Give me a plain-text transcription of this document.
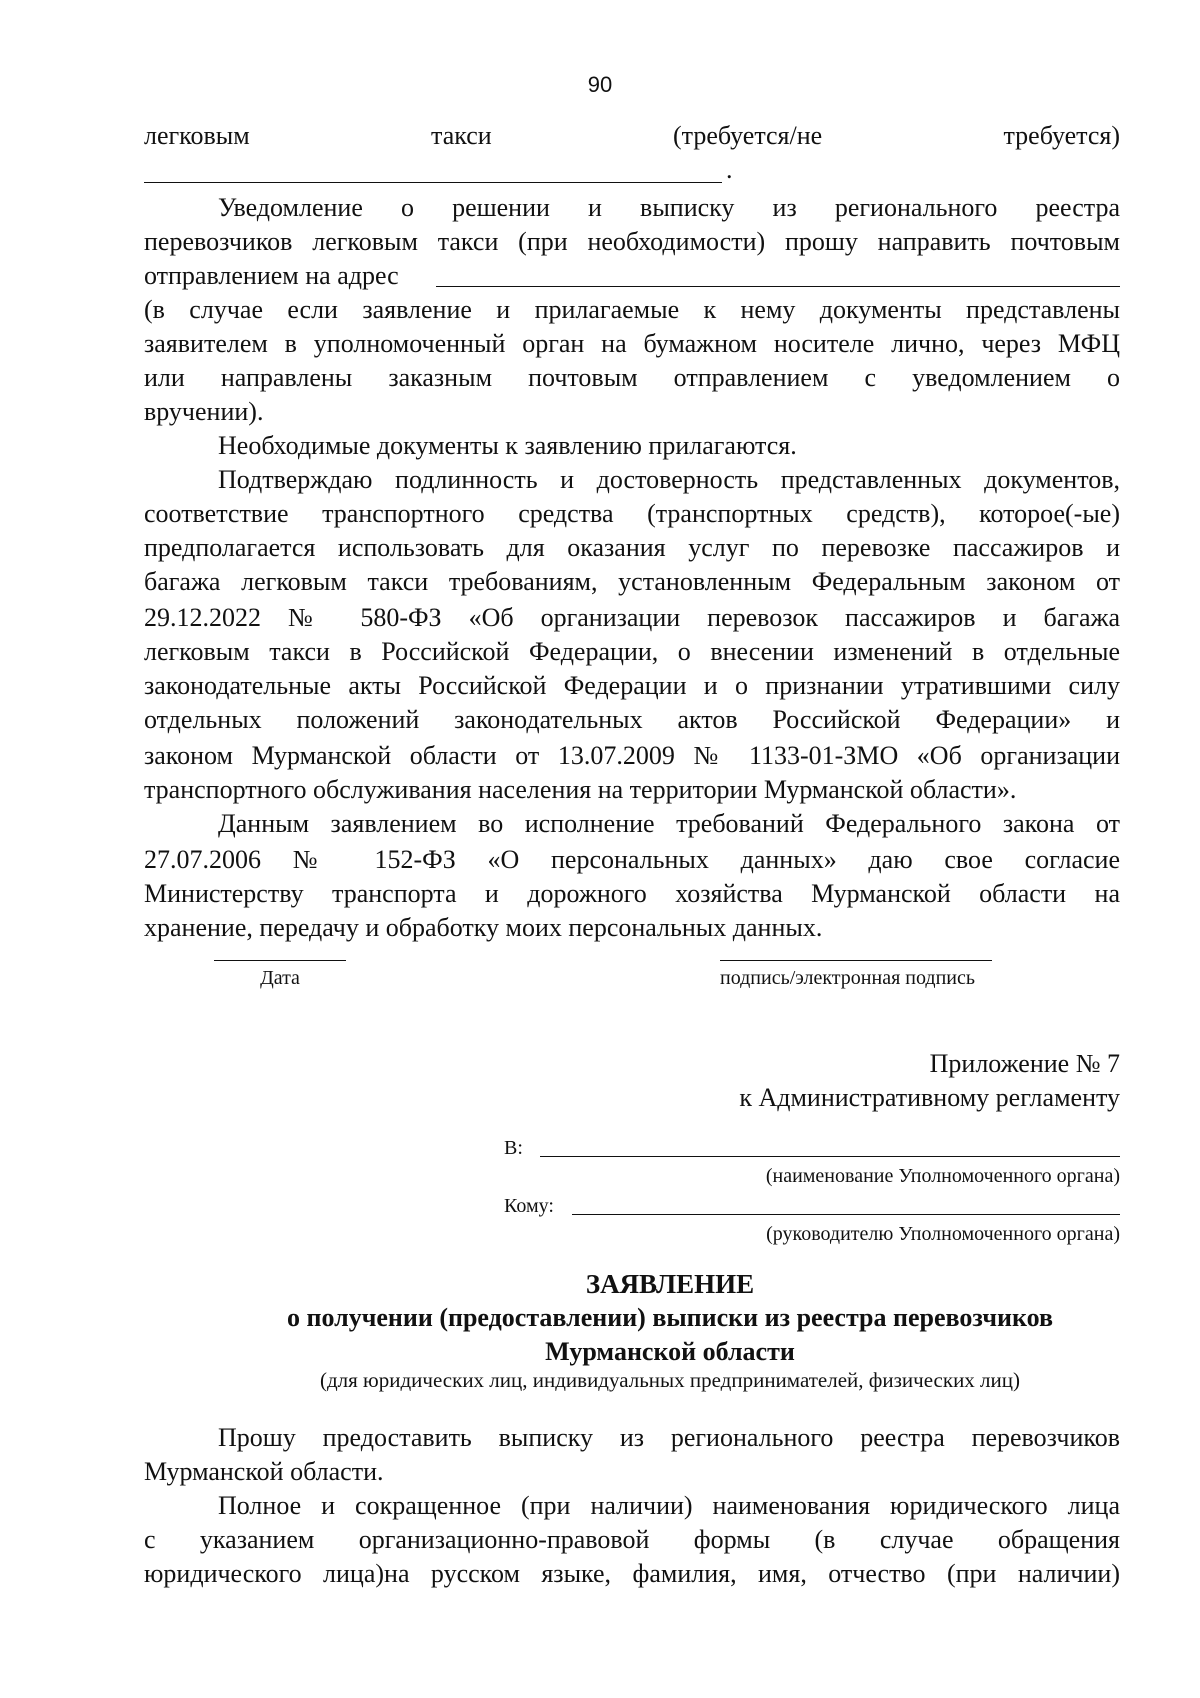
90
легковым	такси	(требуется/не	требуется)
.
Уведомление о решении и выписку из регионального реестра
перевозчиков легковым такси (при необходимости) прошу направить почтовым
отправлением на адрес
(в случае если заявление и прилагаемые к нему документы представлены
заявителем в уполномоченный орган на бумажном носителе лично, через МФЦ
или направлены заказным почтовым отправлением с уведомлением о
вручении).
Необходимые документы к заявлению прилагаются.
Подтверждаю подлинность и достоверность представленных документов,
соответствие транспортного средства (транспортных средств), которое(-ые)
предполагается использовать для оказания услуг по перевозке пассажиров и
багажа легковым такси требованиям, установленным Федеральным законом от
29.12.2022 № 580-ФЗ «Об организации перевозок пассажиров и багажа
легковым такси в Российской Федерации, о внесении изменений в отдельные
законодательные акты Российской Федерации и о признании утратившими силу
отдельных положений законодательных актов Российской Федерации» и
законом Мурманской области от 13.07.2009 № 1133-01-ЗМО «Об организации
транспортного обслуживания населения на территории Мурманской области».
Данным заявлением во исполнение требований Федерального закона от
27.07.2006 № 152-ФЗ «О персональных данных» даю свое согласие
Министерству транспорта и дорожного хозяйства Мурманской области на
хранение, передачу и обработку моих персональных данных.
Дата	подпись/электронная подпись
Приложение № 7
к Административному регламенту
В:
(наименование Уполномоченного органа)
Кому:
(руководителю Уполномоченного органа)
ЗАЯВЛЕНИЕ
о получении (предоставлении) выписки из реестра перевозчиков
Мурманской области
(для юридических лиц, индивидуальных предпринимателей, физических лиц)
Прошу предоставить выписку из регионального реестра перевозчиков
Мурманской области.
Полное и сокращенное (при наличии) наименования юридического лица
с указанием организационно-правовой формы (в случае обращения
юридического лица)на русском языке, фамилия, имя, отчество (при наличии)
